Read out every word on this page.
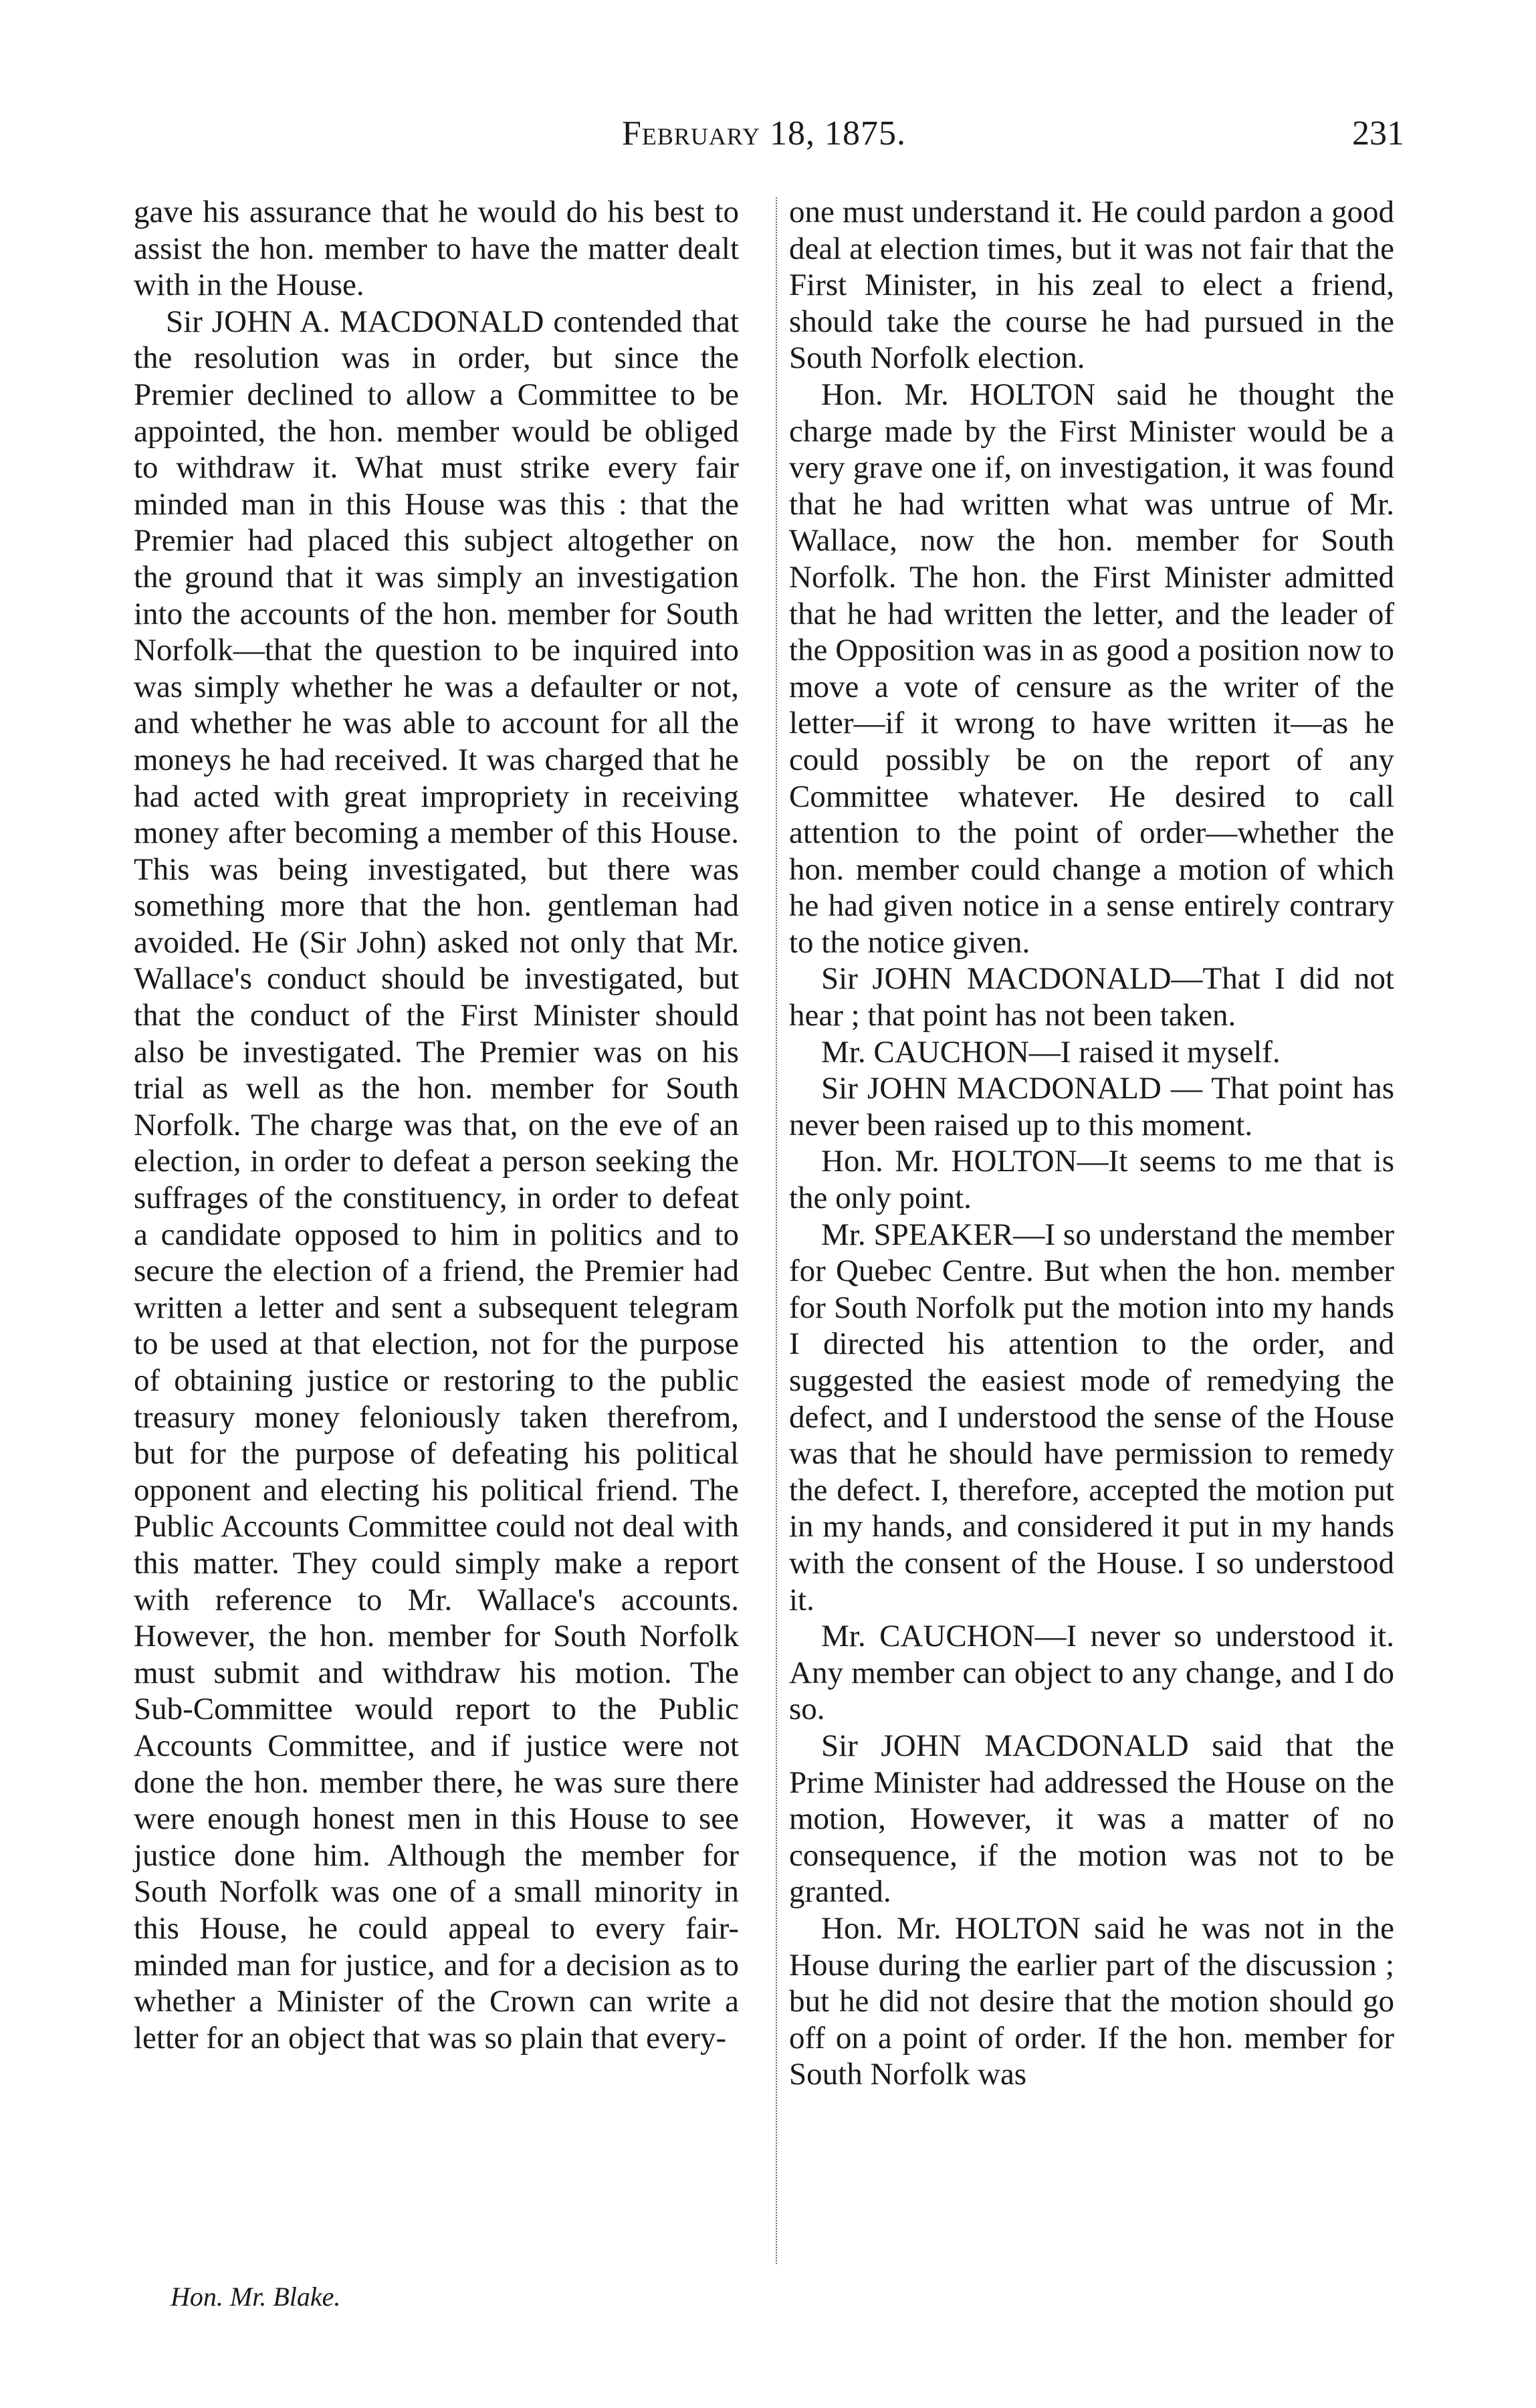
February 18, 1875.	231

gave his assurance that he would do his best to assist the hon. member to have the matter dealt with in the House.

Sir JOHN A. MACDONALD contended that the resolution was in order, but since the Premier declined to allow a Committee to be appointed, the hon. member would be obliged to withdraw it. What must strike every fair minded man in this House was this : that the Premier had placed this subject altogether on the ground that it was simply an investigation into the accounts of the hon. member for South Norfolk—that the question to be inquired into was simply whether he was a defaulter or not, and whether he was able to account for all the moneys he had received. It was charged that he had acted with great impropriety in receiving money after becoming a member of this House. This was being investigated, but there was something more that the hon. gentleman had avoided. He (Sir John) asked not only that Mr. Wallace's conduct should be investigated, but that the conduct of the First Minister should also be investigated. The Premier was on his trial as well as the hon. member for South Norfolk. The charge was that, on the eve of an election, in order to defeat a person seeking the suffrages of the constituency, in order to defeat a candidate opposed to him in politics and to secure the election of a friend, the Premier had written a letter and sent a subsequent telegram to be used at that election, not for the purpose of obtaining justice or restoring to the public treasury money feloniously taken therefrom, but for the purpose of defeating his political opponent and electing his political friend. The Public Accounts Committee could not deal with this matter. They could simply make a report with reference to Mr. Wallace's accounts. However, the hon. member for South Norfolk must submit and withdraw his motion. The Sub-Committee would report to the Public Accounts Committee, and if justice were not done the hon. member there, he was sure there were enough honest men in this House to see justice done him. Although the member for South Norfolk was one of a small minority in this House, he could appeal to every fair-minded man for justice, and for a decision as to whether a Minister of the Crown can write a letter for an object that was so plain that every-

one must understand it. He could pardon a good deal at election times, but it was not fair that the First Minister, in his zeal to elect a friend, should take the course he had pursued in the South Norfolk election.

Hon. Mr. HOLTON said he thought the charge made by the First Minister would be a very grave one if, on investigation, it was found that he had written what was untrue of Mr. Wallace, now the hon. member for South Norfolk. The hon. the First Minister admitted that he had written the letter, and the leader of the Opposition was in as good a position now to move a vote of censure as the writer of the letter—if it wrong to have written it—as he could possibly be on the report of any Committee whatever. He desired to call attention to the point of order—whether the hon. member could change a motion of which he had given notice in a sense entirely contrary to the notice given.

Sir JOHN MACDONALD—That I did not hear ; that point has not been taken.

Mr. CAUCHON—I raised it myself.

Sir JOHN MACDONALD — That point has never been raised up to this moment.

Hon. Mr. HOLTON—It seems to me that is the only point.

Mr. SPEAKER—I so understand the member for Quebec Centre. But when the hon. member for South Norfolk put the motion into my hands I directed his attention to the order, and suggested the easiest mode of remedying the defect, and I understood the sense of the House was that he should have permission to remedy the defect. I, therefore, accepted the motion put in my hands, and considered it put in my hands with the consent of the House. I so understood it.

Mr. CAUCHON—I never so understood it. Any member can object to any change, and I do so.

Sir JOHN MACDONALD said that the Prime Minister had addressed the House on the motion, However, it was a matter of no consequence, if the motion was not to be granted.

Hon. Mr. HOLTON said he was not in the House during the earlier part of the discussion ; but he did not desire that the motion should go off on a point of order. If the hon. member for South Norfolk was

Hon. Mr. Blake.
